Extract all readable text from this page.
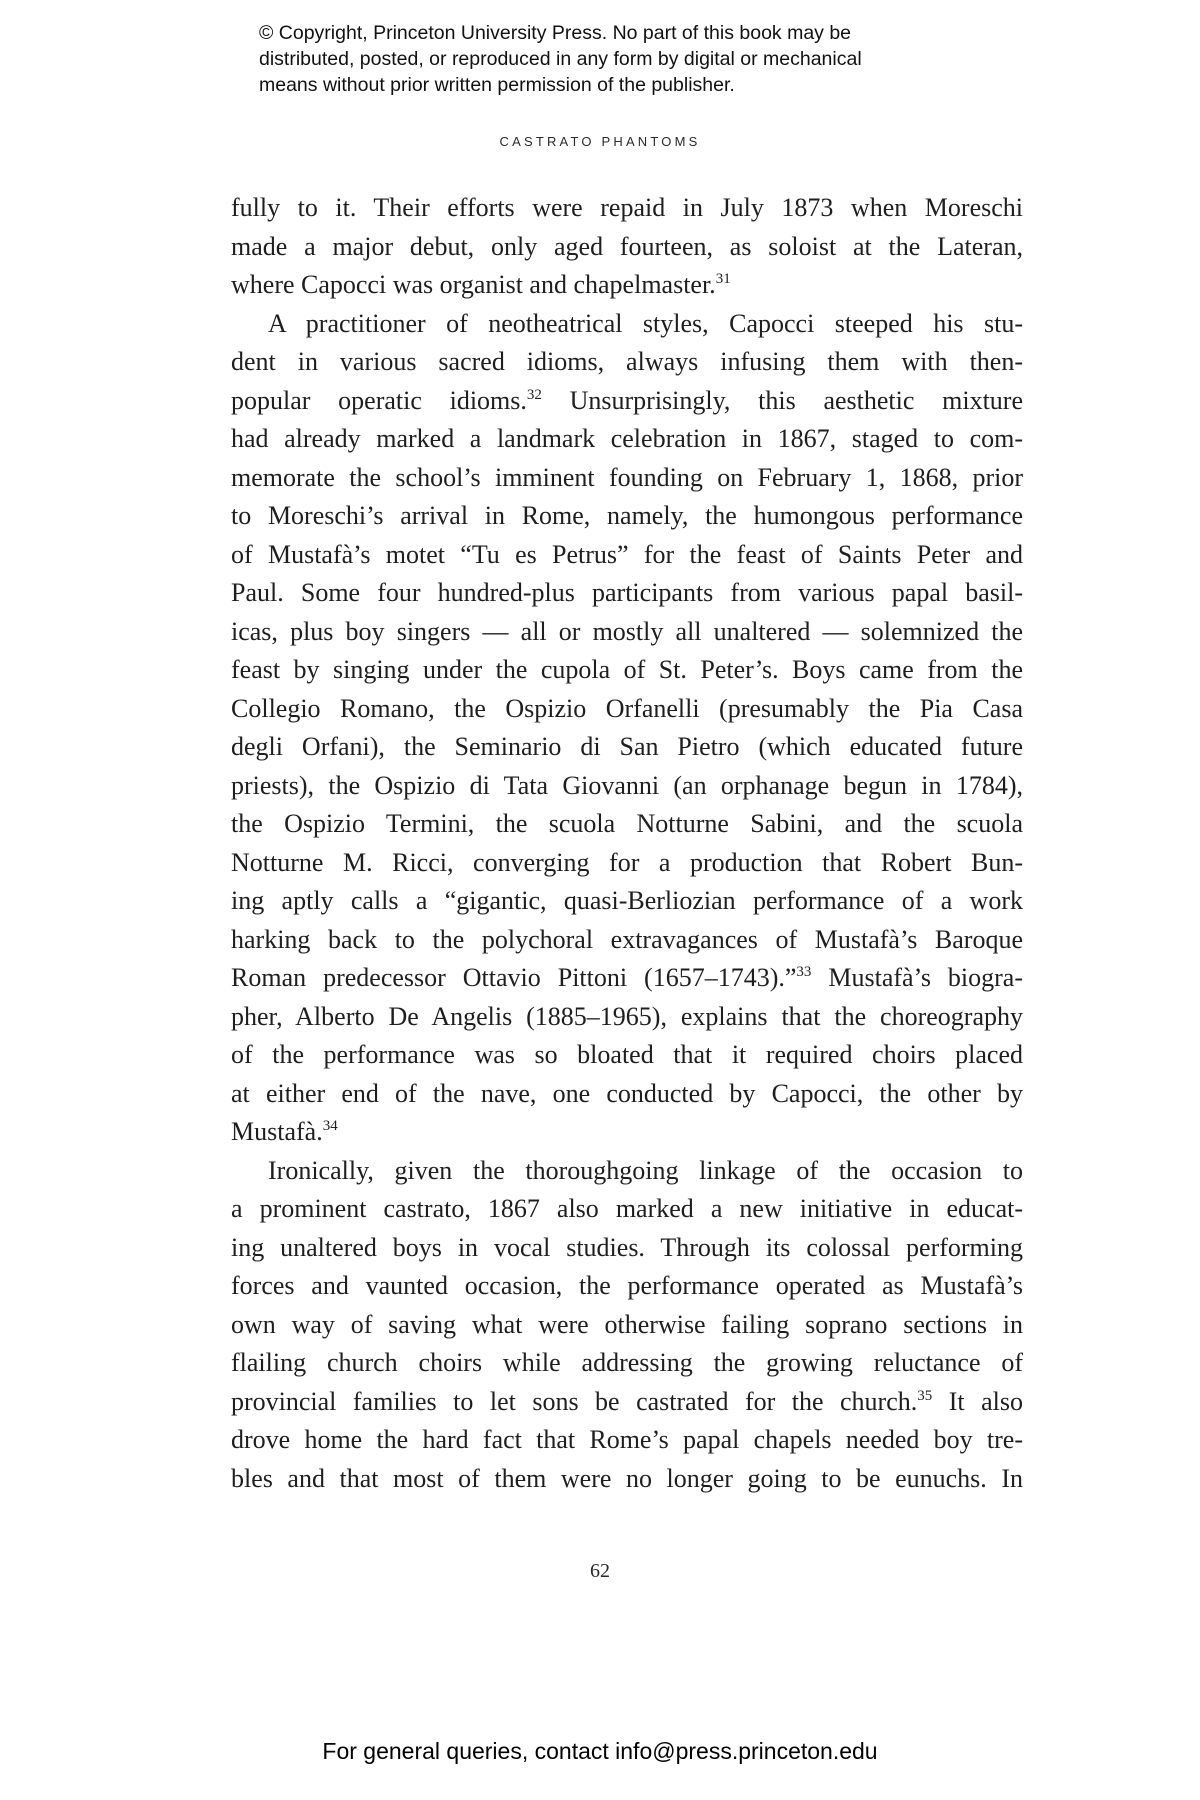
© Copyright, Princeton University Press. No part of this book may be
distributed, posted, or reproduced in any form by digital or mechanical
means without prior written permission of the publisher.
CASTRATO PHANTOMS
fully to it. Their efforts were repaid in July 1873 when Moreschi
made a major debut, only aged fourteen, as soloist at the Lateran,
where Capocci was organist and chapelmaster.$^{31}$
A practitioner of neotheatrical styles, Capocci steeped his stu-
dent in various sacred idioms, always infusing them with then-
popular operatic idioms.$^{32}$ Unsurprisingly, this aesthetic mixture
had already marked a landmark celebration in 1867, staged to com-
memorate the school’s imminent founding on February 1, 1868, prior
to Moreschi’s arrival in Rome, namely, the humongous performance
of Mustafà’s motet “Tu es Petrus” for the feast of Saints Peter and
Paul. Some four hundred-plus participants from various papal basil-
icas, plus boy singers — all or mostly all unaltered — solemnized the
feast by singing under the cupola of St. Peter’s. Boys came from the
Collegio Romano, the Ospizio Orfanelli (presumably the Pia Casa
degli Orfani), the Seminario di San Pietro (which educated future
priests), the Ospizio di Tata Giovanni (an orphanage begun in 1784),
the Ospizio Termini, the scuola Notturne Sabini, and the scuola
Notturne M. Ricci, converging for a production that Robert Bun-
ing aptly calls a “gigantic, quasi-Berliozian performance of a work
harking back to the polychoral extravagances of Mustafà’s Baroque
Roman predecessor Ottavio Pittoni (1657–1743).”$^{33}$ Mustafà’s biogra-
pher, Alberto De Angelis (1885–1965), explains that the choreography
of the performance was so bloated that it required choirs placed
at either end of the nave, one conducted by Capocci, the other by
Mustafà.$^{34}$
Ironically, given the thoroughgoing linkage of the occasion to
a prominent castrato, 1867 also marked a new initiative in educat-
ing unaltered boys in vocal studies. Through its colossal performing
forces and vaunted occasion, the performance operated as Mustafà’s
own way of saving what were otherwise failing soprano sections in
flailing church choirs while addressing the growing reluctance of
provincial families to let sons be castrated for the church.$^{35}$ It also
drove home the hard fact that Rome’s papal chapels needed boy tre-
bles and that most of them were no longer going to be eunuchs. In
62
For general queries, contact info@press.princeton.edu
